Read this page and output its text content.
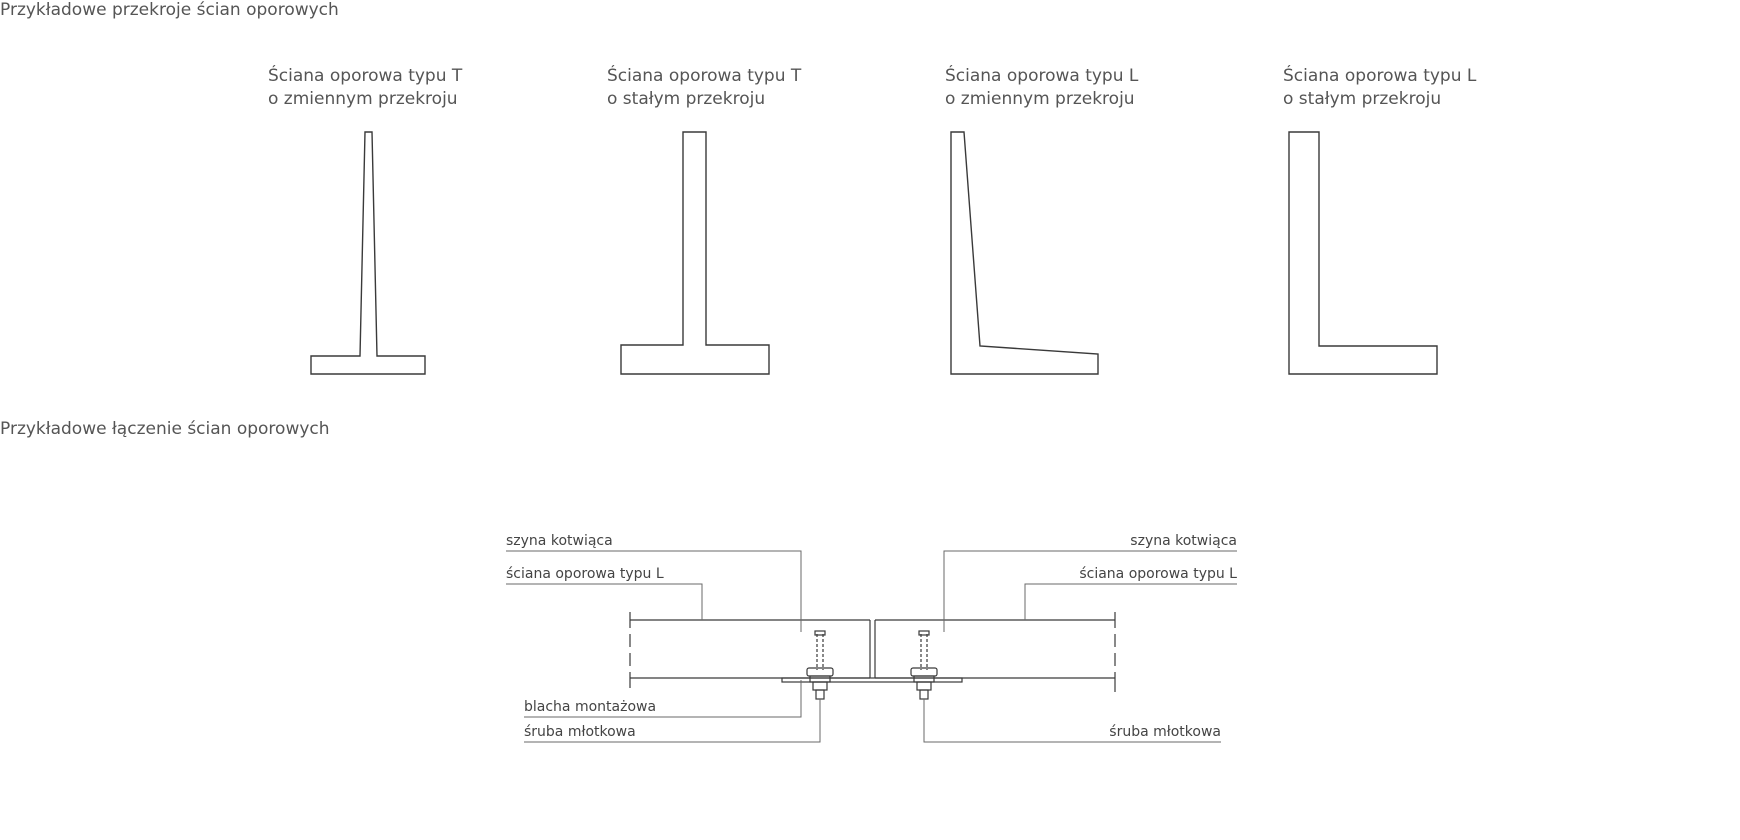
Przykładowe przekroje ścian oporowych
Przykładowe łączenie ścian oporowych
Ściana oporowa typu T
o zmiennym przekroju
Ściana oporowa typu T
o stałym przekroju
Ściana oporowa typu L
o zmiennym przekroju
Ściana oporowa typu L
o stałym przekroju
szyna kotwiąca
ściana oporowa typu L
szyna kotwiąca
ściana oporowa typu L
blacha montażowa
śruba młotkowa	śruba młotkowa
